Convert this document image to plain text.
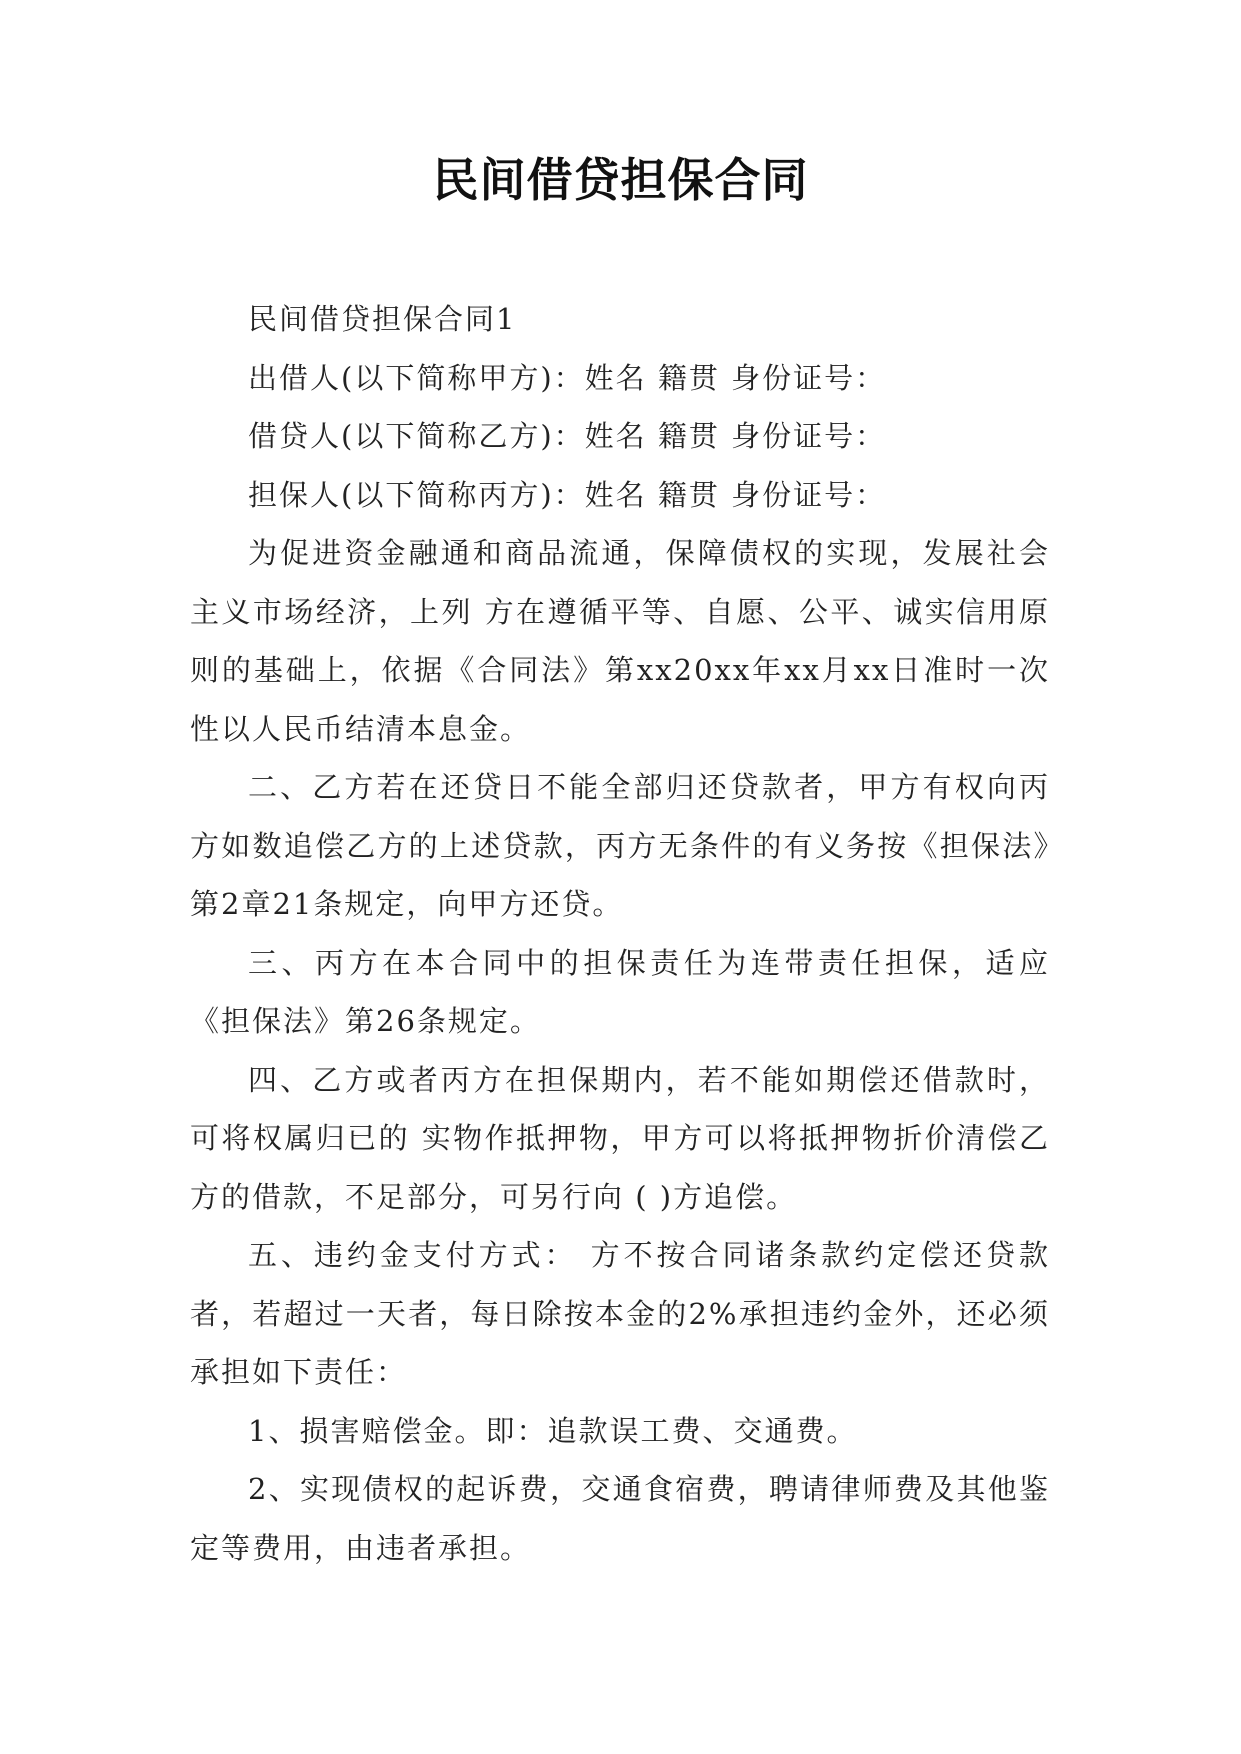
民间借贷担保合同

民间借贷担保合同1

出借人(以下简称甲方)：姓名 籍贯 身份证号：

借贷人(以下简称乙方)：姓名 籍贯 身份证号：

担保人(以下简称丙方)：姓名 籍贯 身份证号：

为促进资金融通和商品流通，保障债权的实现，发展社会主义市场经济，上列 方在遵循平等、自愿、公平、诚实信用原则的基础上，依据《合同法》第xx20xx年xx月xx日准时一次性以人民币结清本息金。

二、乙方若在还贷日不能全部归还贷款者，甲方有权向丙方如数追偿乙方的上述贷款，丙方无条件的有义务按《担保法》第2章21条规定，向甲方还贷。

三、丙方在本合同中的担保责任为连带责任担保，适应《担保法》第26条规定。

四、乙方或者丙方在担保期内，若不能如期偿还借款时，可将权属归已的 实物作抵押物，甲方可以将抵押物折价清偿乙方的借款，不足部分，可另行向 ( )方追偿。

五、违约金支付方式： 方不按合同诸条款约定偿还贷款者，若超过一天者，每日除按本金的2%承担违约金外，还必须承担如下责任：

1、损害赔偿金。即：追款误工费、交通费。

2、实现债权的起诉费，交通食宿费，聘请律师费及其他鉴定等费用，由违者承担。
